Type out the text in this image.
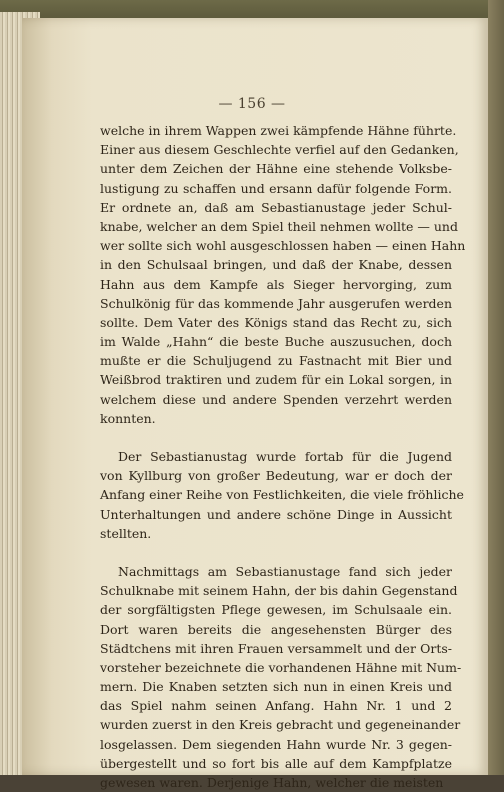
— 156 —
welche in ihrem Wappen zwei kämpfende Hähne führte.
Einer aus diesem Geschlechte verfiel auf den Gedanken,
unter dem Zeichen der Hähne eine stehende Volksbe-
lustigung zu schaffen und ersann dafür folgende Form.
Er ordnete an, daß am Sebastianustage jeder Schul-
knabe, welcher an dem Spiel theil nehmen wollte — und
wer sollte sich wohl ausgeschlossen haben — einen Hahn
in den Schulsaal bringen, und daß der Knabe, dessen
Hahn aus dem Kampfe als Sieger hervorging, zum
Schulkönig für das kommende Jahr ausgerufen werden
sollte. Dem Vater des Königs stand das Recht zu, sich
im Walde „Hahn“ die beste Buche auszusuchen, doch
mußte er die Schuljugend zu Fastnacht mit Bier und
Weißbrod traktiren und zudem für ein Lokal sorgen, in
welchem diese und andere Spenden verzehrt werden
konnten.
Der Sebastianustag wurde fortab für die Jugend
von Kyllburg von großer Bedeutung, war er doch der
Anfang einer Reihe von Festlichkeiten, die viele fröhliche
Unterhaltungen und andere schöne Dinge in Aussicht
stellten.
Nachmittags am Sebastianustage fand sich jeder
Schulknabe mit seinem Hahn, der bis dahin Gegenstand
der sorgfältigsten Pflege gewesen, im Schulsaale ein.
Dort waren bereits die angesehensten Bürger des
Städtchens mit ihren Frauen versammelt und der Orts-
vorsteher bezeichnete die vorhandenen Hähne mit Num-
mern. Die Knaben setzten sich nun in einen Kreis und
das Spiel nahm seinen Anfang. Hahn Nr. 1 und 2
wurden zuerst in den Kreis gebracht und gegeneinander
losgelassen. Dem siegenden Hahn wurde Nr. 3 gegen-
übergestellt und so fort bis alle auf dem Kampfplatze
gewesen waren. Derjenige Hahn, welcher die meisten
